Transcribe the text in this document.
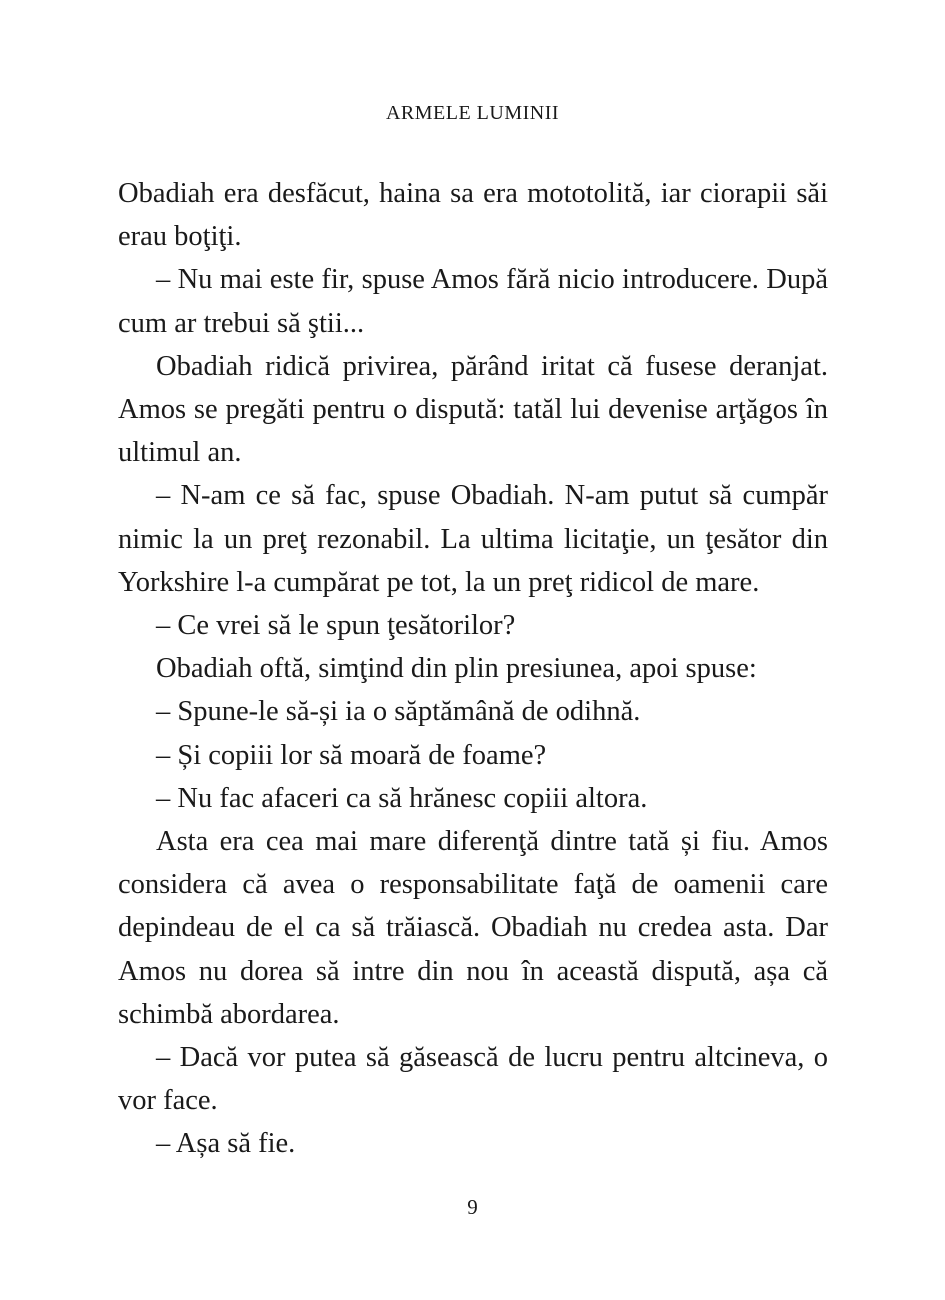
ARMELE LUMINII

Obadiah era desfăcut, haina sa era mototolită, iar ciorapii săi erau boţiţi.

– Nu mai este fir, spuse Amos fără nicio introducere. După cum ar trebui să ştii...

Obadiah ridică privirea, părând iritat că fusese deranjat. Amos se pregăti pentru o dispută: tatăl lui devenise arţăgos în ultimul an.

– N-am ce să fac, spuse Obadiah. N-am putut să cumpăr nimic la un preţ rezonabil. La ultima licitaţie, un ţesător din Yorkshire l-a cumpărat pe tot, la un preţ ridicol de mare.

– Ce vrei să le spun ţesătorilor?

Obadiah oftă, simţind din plin presiunea, apoi spuse:

– Spune-le să-și ia o săptămână de odihnă.

– Și copiii lor să moară de foame?

– Nu fac afaceri ca să hrănesc copiii altora.

Asta era cea mai mare diferenţă dintre tată și fiu. Amos considera că avea o responsabilitate faţă de oamenii care depindeau de el ca să trăiască. Obadiah nu credea asta. Dar Amos nu dorea să intre din nou în această dispută, așa că schimbă abordarea.

– Dacă vor putea să găsească de lucru pentru altcineva, o vor face.

– Așa să fie.

9
